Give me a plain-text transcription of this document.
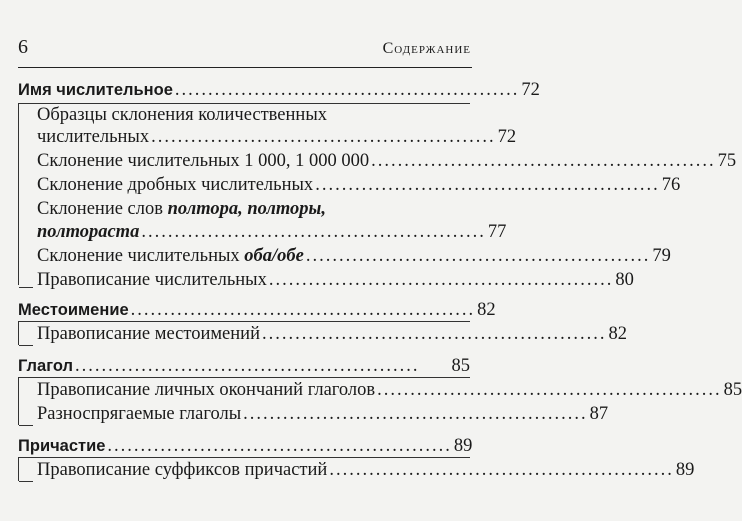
6	Содержание
Имя числительное .................................................... 72
Образцы склонения количественных
числительных .................................................... 72
Склонение числительных 1 000, 1 000 000 .................................................... 75
Склонение дробных числительных .................................................... 76
Склонение слов полтора, полторы,
полтораста .................................................... 77
Склонение числительных оба/обе .................................................... 79
Правописание числительных .................................................... 80
Местоимение .................................................... 82
Правописание местоимений .................................................... 82
Глагол ....................................................	85
Правописание личных окончаний глаголов .................................................... 85
Разноспрягаемые глаголы .................................................... 87
Причастие .................................................... 89
Правописание суффиксов причастий .................................................... 89
